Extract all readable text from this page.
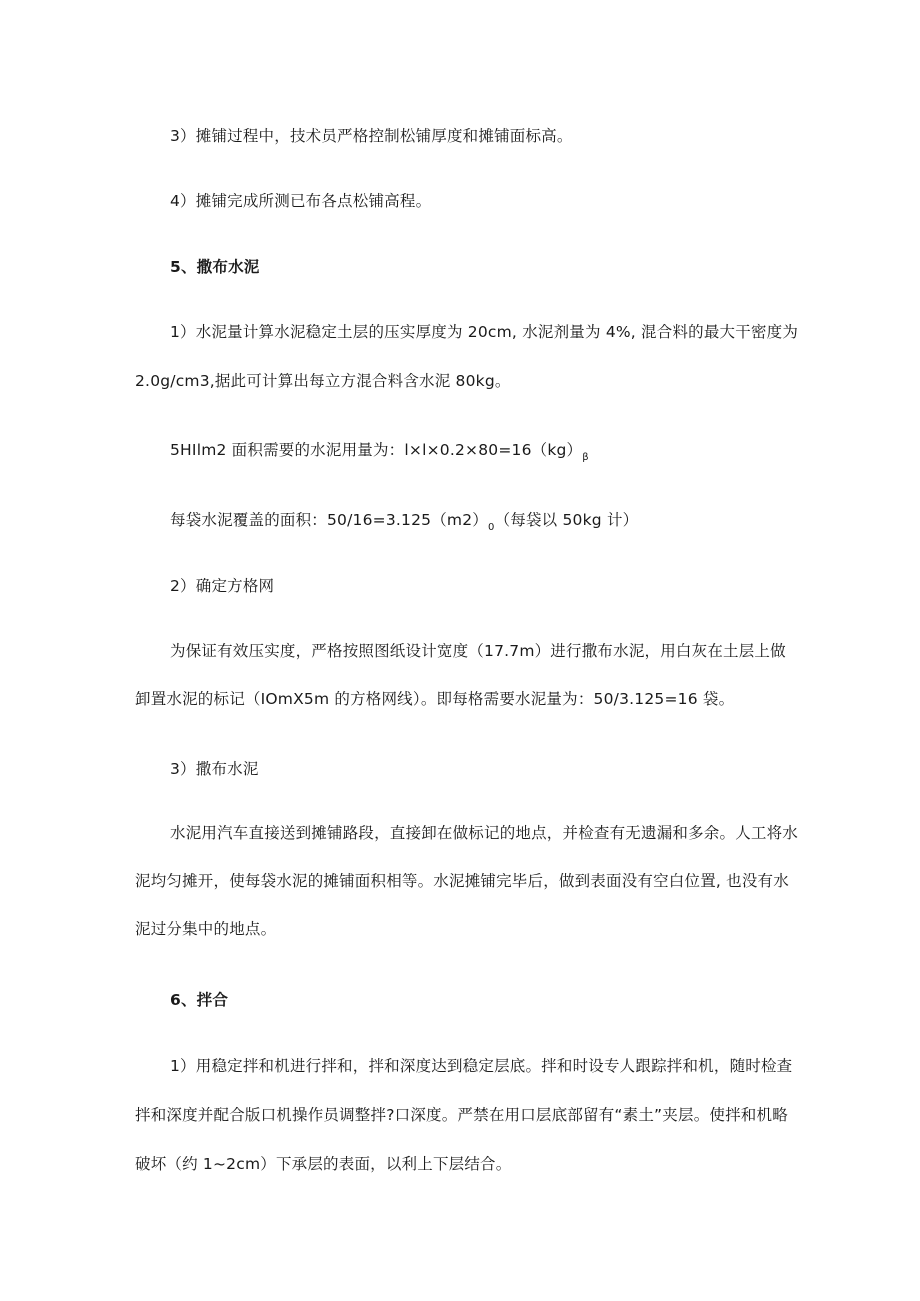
3）摊铺过程中，技术员严格控制松铺厚度和摊铺面标高。

4）摊铺完成所测已布各点松铺高程。

5、撒布水泥

1）水泥量计算水泥稳定土层的压实厚度为 20cm, 水泥剂量为 4%, 混合料的最大干密度为

2.0g/cm3,据此可计算出每立方混合料含水泥 80kg。

5HIlm2 面积需要的水泥用量为：$l\times l\times 0.2\times 80=16(kg)_\beta$

每袋水泥覆盖的面积：$50/16=3.125(m2)_0$（每袋以 50kg 计）

2）确定方格网

为保证有效压实度，严格按照图纸设计宽度（17.7m）进行撒布水泥，用白灰在土层上做

卸置水泥的标记（IOmX5m 的方格网线）。即每格需要水泥量为：50/3.125=16 袋。

3）撒布水泥

水泥用汽车直接送到摊铺路段，直接卸在做标记的地点，并检查有无遗漏和多余。人工将水

泥均匀摊开，使每袋水泥的摊铺面积相等。水泥摊铺完毕后，做到表面没有空白位置, 也没有水

泥过分集中的地点。

6、拌合

1）用稳定拌和机进行拌和，拌和深度达到稳定层底。拌和时设专人跟踪拌和机，随时检查

拌和深度并配合版口机操作员调整拌?口深度。严禁在用口层底部留有“素土”夹层。使拌和机略

破坏（约 1~2cm）下承层的表面，以利上下层结合。
